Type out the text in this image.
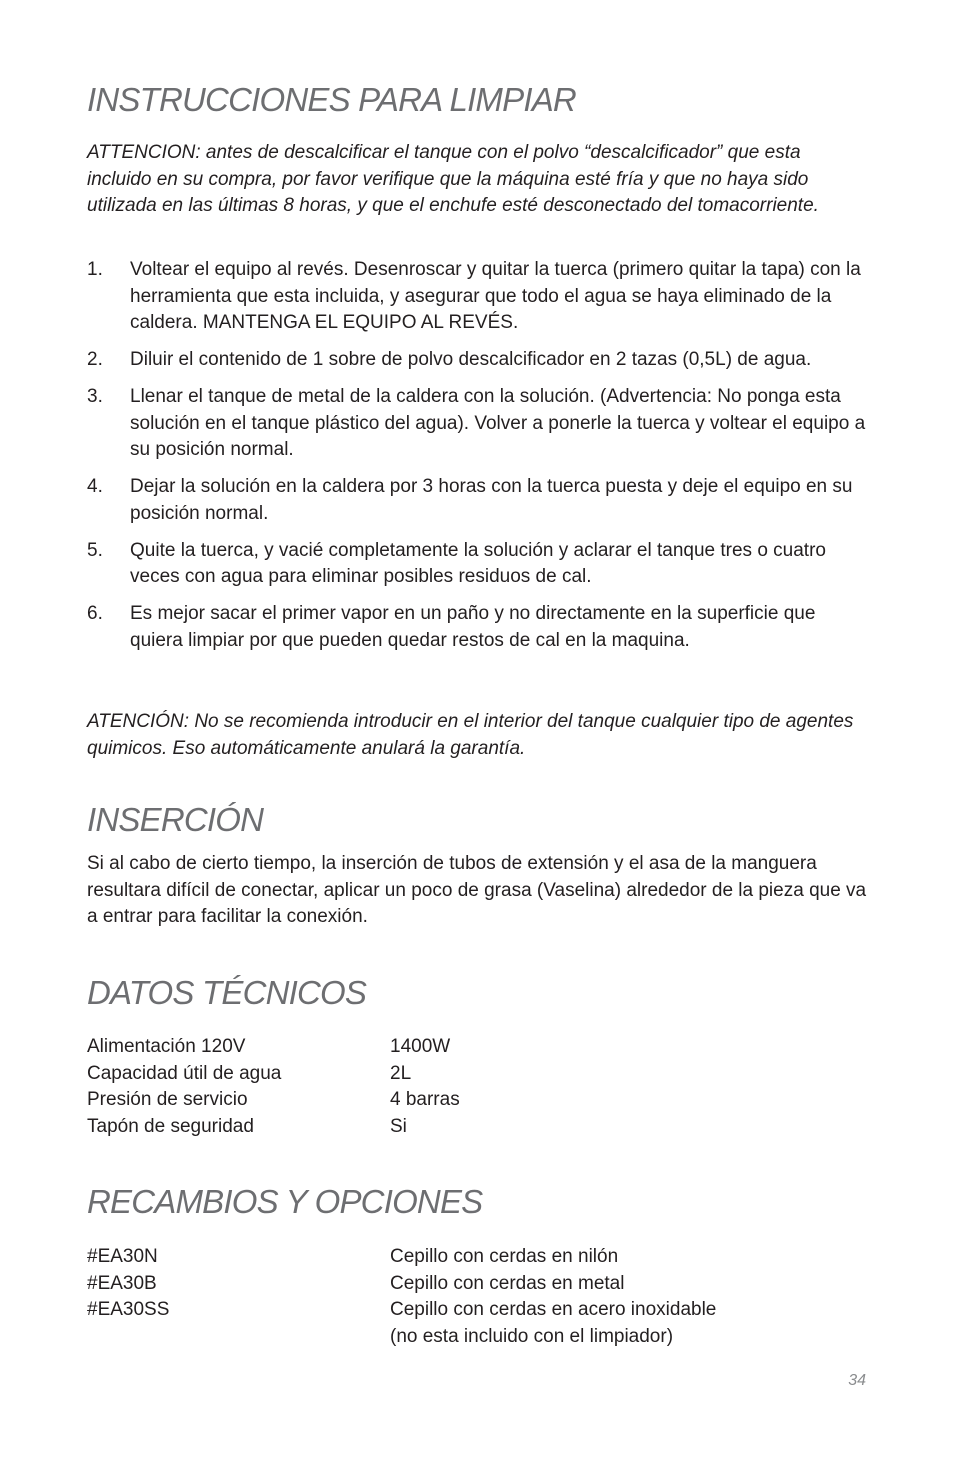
INSTRUCCIONES PARA LIMPIAR

ATTENCION: antes de descalcificar el tanque con el polvo “descalcificador” que esta incluido en su compra, por favor verifique que la máquina esté fría y que no haya sido utilizada en las últimas 8 horas, y que el enchufe esté desconectado del tomacorriente.

1. Voltear el equipo al revés. Desenroscar y quitar la tuerca (primero quitar la tapa) con la herramienta que esta incluida, y asegurar que todo el agua se haya eliminado de la caldera. MANTENGA EL EQUIPO AL REVÉS.
2. Diluir el contenido de 1 sobre de polvo descalcificador en 2 tazas (0,5L) de agua.
3. Llenar el tanque de metal de la caldera con la solución. (Advertencia: No ponga esta solución en el tanque plástico del agua). Volver a ponerle la tuerca y voltear el equipo a su posición normal.
4. Dejar la solución en la caldera por 3 horas con la tuerca puesta y deje el equipo en su posición normal.
5. Quite la tuerca, y vacié completamente la solución y aclarar el tanque tres o cuatro veces con agua para eliminar posibles residuos de cal.
6. Es mejor sacar el primer vapor en un paño y no directamente en la superficie que quiera limpiar por que pueden quedar restos de cal en la maquina.

ATENCIÓN: No se recomienda introducir en el interior del tanque cualquier tipo de agentes quimicos. Eso automáticamente anulará la garantía.

INSERCIÓN

Si al cabo de cierto tiempo, la inserción de tubos de extensión y el asa de la manguera resultara difícil de conectar, aplicar un poco de grasa (Vaselina) alrededor de la pieza que va a entrar para facilitar la conexión.

DATOS TÉCNICOS
Alimentación 120V	1400W
Capacidad útil de agua	2L
Presión de servicio	4 barras
Tapón de seguridad	Si
RECAMBIOS Y OPCIONES
#EA30N	Cepillo con cerdas en nilón
#EA30B	Cepillo con cerdas en metal
#EA30SS	Cepillo con cerdas en acero inoxidable
(no esta incluido con el limpiador)
34
